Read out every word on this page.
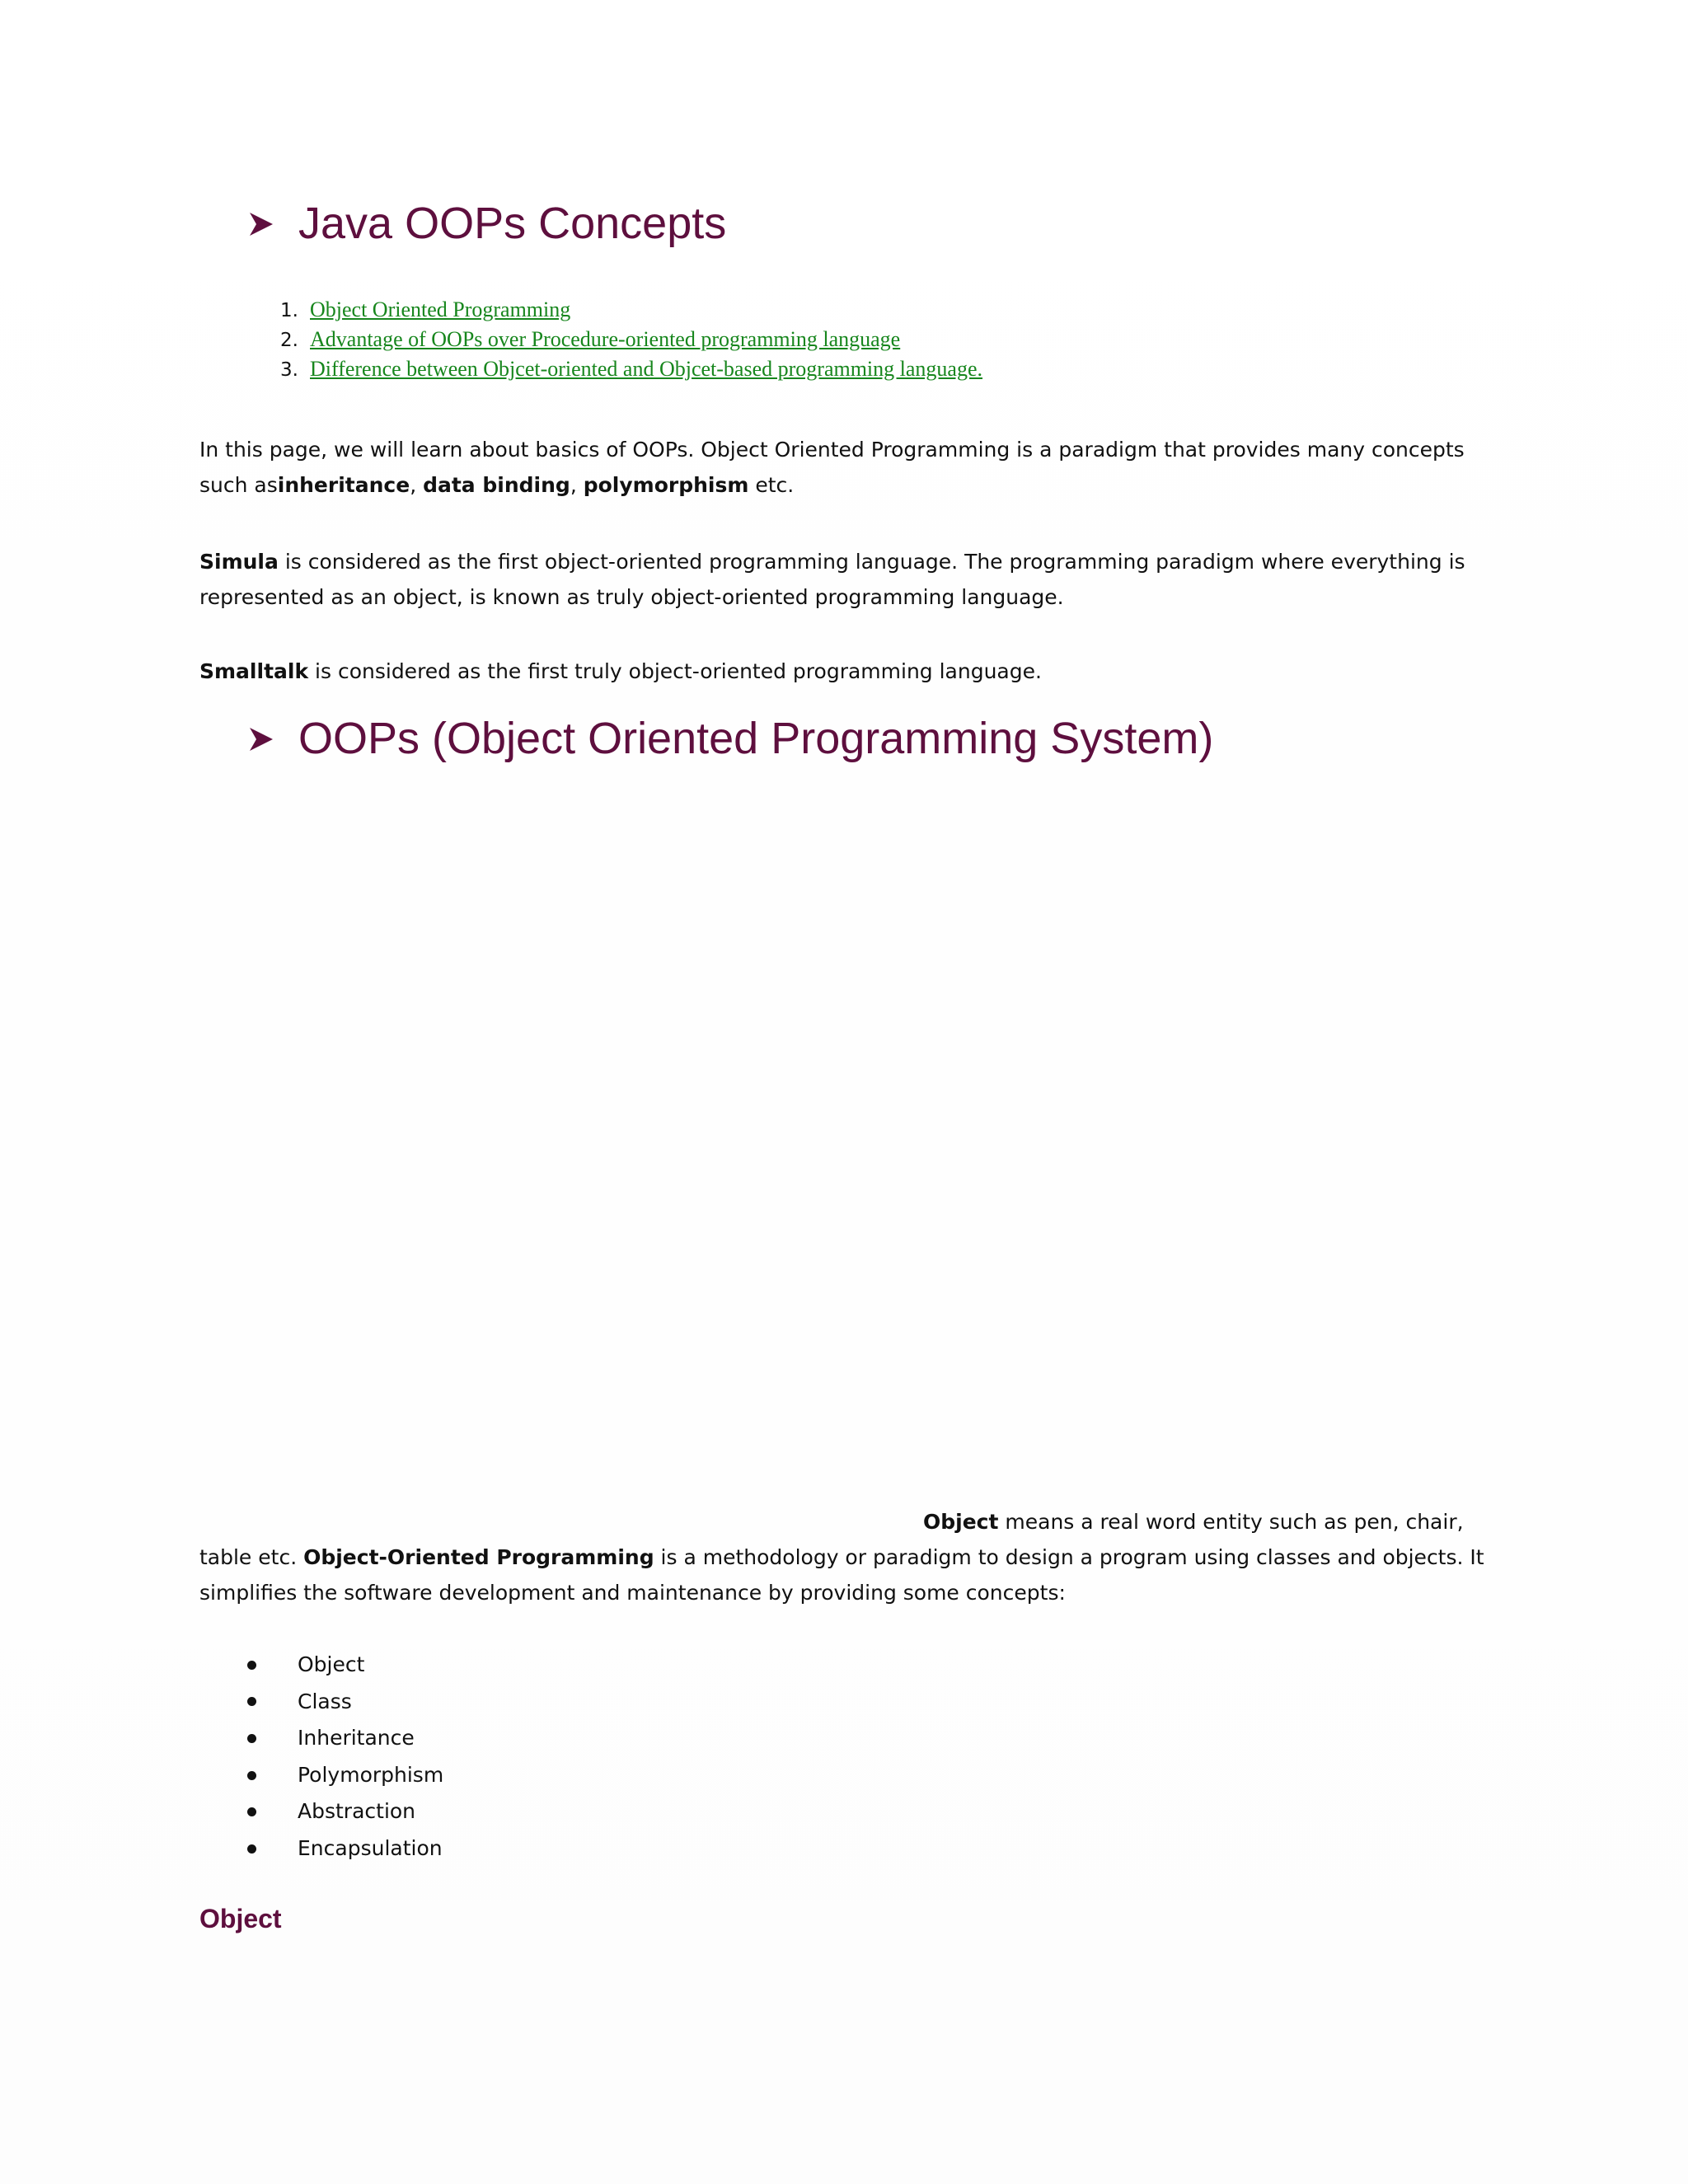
Java OOPs Concepts
1. Object Oriented Programming
2. Advantage of OOPs over Procedure-oriented programming language
3. Difference between Objcet-oriented and Objcet-based programming language.

In this page, we will learn about basics of OOPs. Object Oriented Programming is a paradigm that provides many concepts such asinheritance, data binding, polymorphism etc.

Simula is considered as the first object-oriented programming language. The programming paradigm where everything is represented as an object, is known as truly object-oriented programming language.

Smalltalk is considered as the first truly object-oriented programming language.

OOPs (Object Oriented Programming System)

Object means a real word entity such as pen, chair, table etc. Object-Oriented Programming is a methodology or paradigm to design a program using classes and objects. It simplifies the software development and maintenance by providing some concepts:

Object
Class
Inheritance
Polymorphism
Abstraction
Encapsulation
Object
